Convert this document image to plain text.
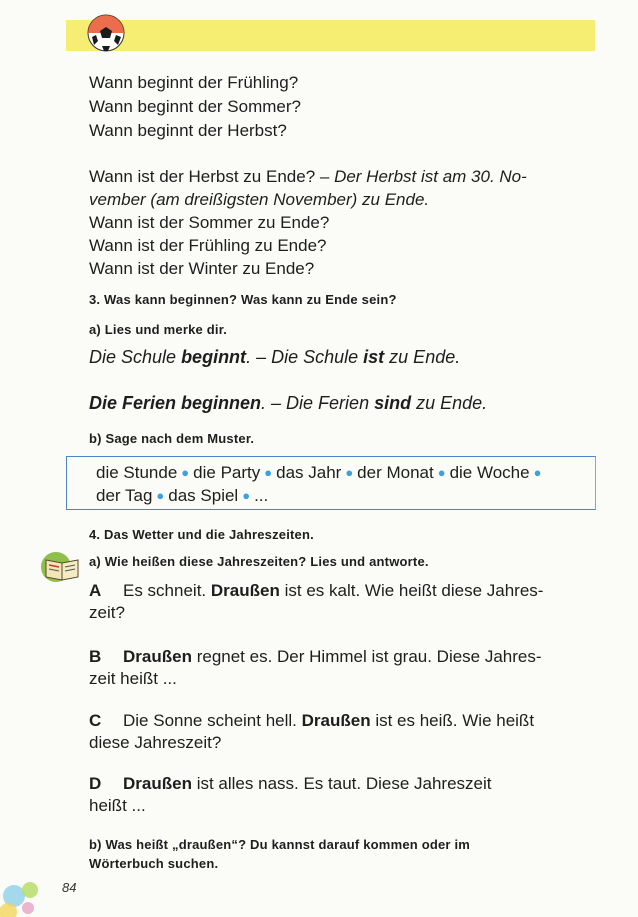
Wann beginnt der Frühling?
Wann beginnt der Sommer?
Wann beginnt der Herbst?
Wann ist der Herbst zu Ende? – Der Herbst ist am 30. No-
vember (am dreißigsten November) zu Ende.
Wann ist der Sommer zu Ende?
Wann ist der Frühling zu Ende?
Wann ist der Winter zu Ende?
3. Was kann beginnen? Was kann zu Ende sein?
a) Lies und merke dir.
Die Schule beginnt. – Die Schule ist zu Ende.
Die Ferien beginnen. – Die Ferien sind zu Ende.
b) Sage nach dem Muster.
die Stunde ● die Party ● das Jahr ● der Monat ● die Woche ●
der Tag ● das Spiel ● ...
4. Das Wetter und die Jahreszeiten.
a) Wie heißen diese Jahreszeiten? Lies und antworte.
A Es schneit. Draußen ist es kalt. Wie heißt diese Jahres-
zeit?
B Draußen regnet es. Der Himmel ist grau. Diese Jahres-
zeit heißt ...
C Die Sonne scheint hell. Draußen ist es heiß. Wie heißt
diese Jahreszeit?
D Draußen ist alles nass. Es taut. Diese Jahreszeit
heißt ...
b) Was heißt „draußen“? Du kannst darauf kommen oder im
Wörterbuch suchen.
84
